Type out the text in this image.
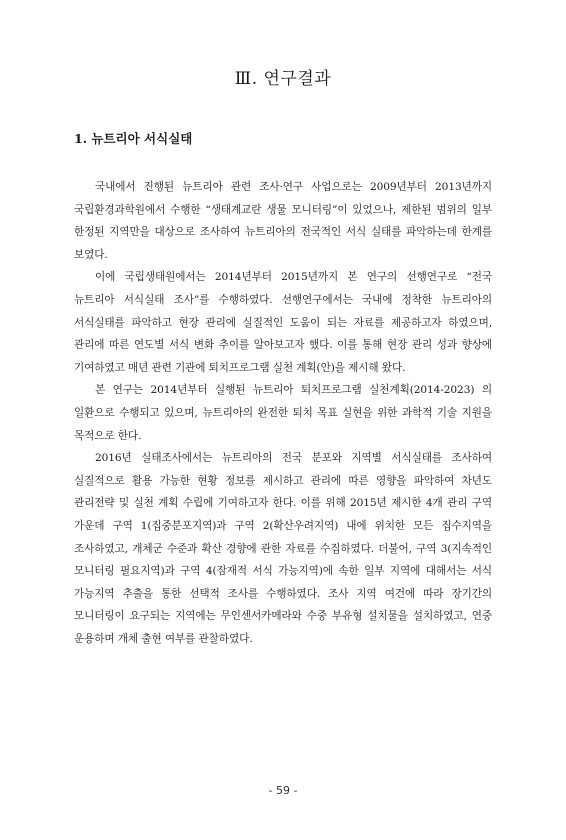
Ⅲ. 연구결과
1. 뉴트리아 서식실태

국내에서 진행된 뉴트리아 관련 조사·연구 사업으로는 2009년부터 2013년까지 국립환경과학원에서 수행한 “생태계교란 생물 모니터링”이 있었으나, 제한된 범위의 일부 한정된 지역만을 대상으로 조사하여 뉴트리아의 전국적인 서식 실태를 파악하는데 한계를 보였다.

이에 국립생태원에서는 2014년부터 2015년까지 본 연구의 선행연구로 “전국 뉴트리아 서식실태 조사”를 수행하였다. 선행연구에서는 국내에 정착한 뉴트리아의 서식실태를 파악하고 현장 관리에 실질적인 도움이 되는 자료를 제공하고자 하였으며, 관리에 따른 연도별 서식 변화 추이를 알아보고자 했다. 이를 통해 현장 관리 성과 향상에 기여하였고 매년 관련 기관에 퇴치프로그램 실천 계획(안)을 제시해 왔다.

본 연구는 2014년부터 실행된 뉴트리아 퇴치프로그램 실천계획(2014-2023) 의 일환으로 수행되고 있으며, 뉴트리아의 완전한 퇴치 목표 실현을 위한 과학적 기술 지원을 목적으로 한다.

2016년 실태조사에서는 뉴트리아의 전국 분포와 지역별 서식실태를 조사하여 실질적으로 활용 가능한 현황 정보를 제시하고 관리에 따른 영향을 파악하여 차년도 관리전략 및 실천 계획 수립에 기여하고자 한다. 이를 위해 2015년 제시한 4개 관리 구역 가운데 구역 1(집중분포지역)과 구역 2(확산우려지역) 내에 위치한 모든 집수지역을 조사하였고, 개체군 수준과 확산 경향에 관한 자료를 수집하였다. 더불어, 구역 3(지속적인 모니터링 필요지역)과 구역 4(잠재적 서식 가능지역)에 속한 일부 지역에 대해서는 서식 가능지역 추출을 통한 선택적 조사를 수행하였다. 조사 지역 여건에 따라 장기간의 모니터링이 요구되는 지역에는 무인센서카메라와 수중 부유형 설치물을 설치하였고, 연중 운용하며 개체 출현 여부를 관찰하였다.

- 59 -
